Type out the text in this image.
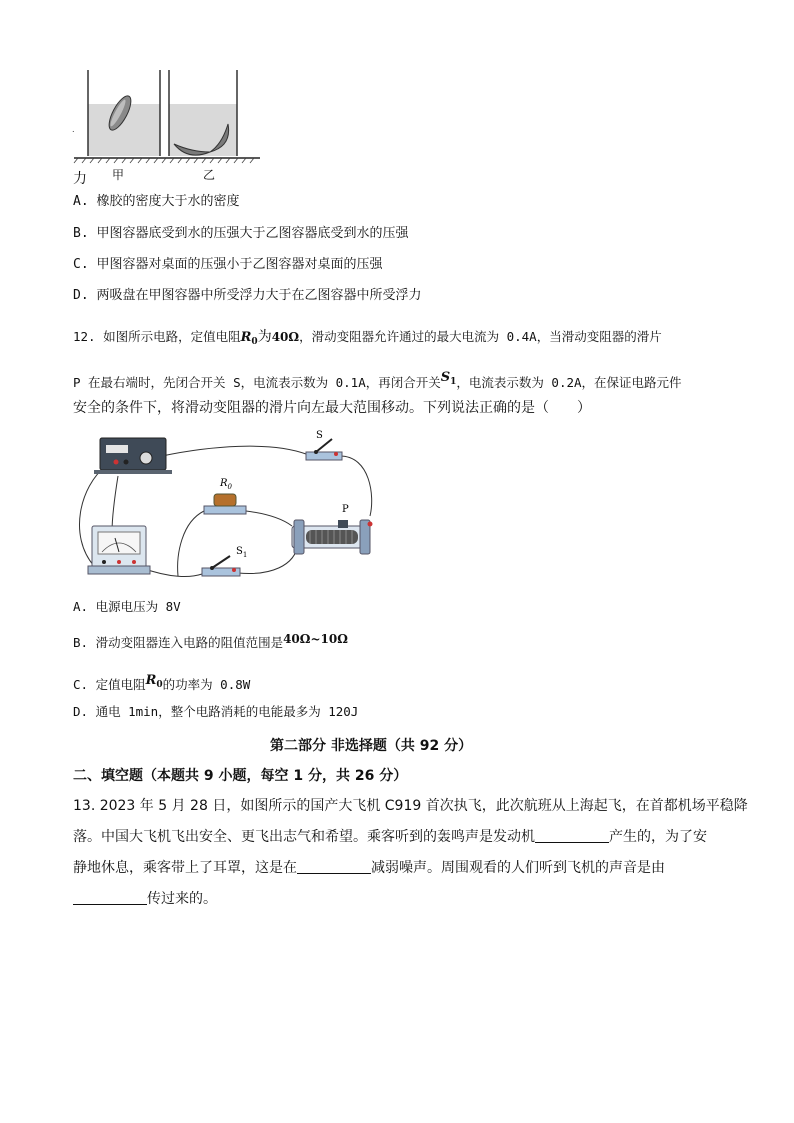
.
力 甲	乙
A. 橡胶的密度大于水的密度
B. 甲图容器底受到水的压强大于乙图容器底受到水的压强
C. 甲图容器对桌面的压强小于乙图容器对桌面的压强
D. 两吸盘在甲图容器中所受浮力大于在乙图容器中所受浮力
12. 如图所示电路，定值电阻$R_0$为40Ω，滑动变阻器允许通过的最大电流为 0.4A，当滑动变阻器的滑片
P 在最右端时，先闭合开关 S，电流表示数为 0.1A，再闭合开关$S_1$，电流表示数为 0.2A，在保证电路元件
安全的条件下，将滑动变阻器的滑片向左最大范围移动。下列说法正确的是（　　）
S
$R_0$
P
$S_1$
A. 电源电压为 8V
B. 滑动变阻器连入电路的阻值范围是40Ω~10Ω
C. 定值电阻$R_0$的功率为 0.8W
D. 通电 1min，整个电路消耗的电能最多为 120J
第二部分 非选择题（共 92 分）
二、填空题（本题共 9 小题，每空 1 分，共 26 分）
13. 2023 年 5 月 28 日，如图所示的国产大飞机 C919 首次执飞，此次航班从上海起飞，在首都机场平稳降
落。中国大飞机飞出安全、更飞出志气和希望。乘客听到的轰鸣声是发动机	产生的，为了安
静地休息，乘客带上了耳罩，这是在	减弱噪声。周围观看的人们听到飞机的声音是由
传过来的。
